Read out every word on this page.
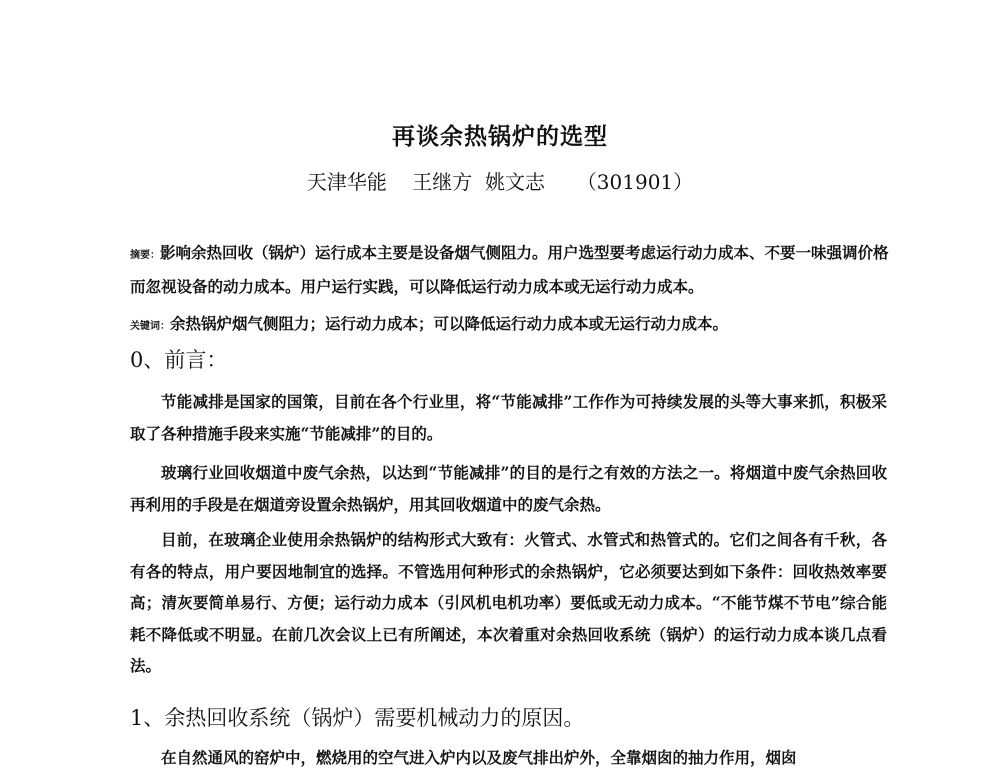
再谈余热锅炉的选型
天津华能    王继方  姚文志     （301901）
摘要：影响余热回收（锅炉）运行成本主要是设备烟气侧阻力。用户选型要考虑运行动力成本、不要一味强调价格而忽视设备的动力成本。用户运行实践，可以降低运行动力成本或无运行动力成本。
关键词：余热锅炉烟气侧阻力；运行动力成本；可以降低运行动力成本或无运行动力成本。
0、前言：

节能减排是国家的国策，目前在各个行业里，将“节能减排”工作作为可持续发展的头等大事来抓，积极采取了各种措施手段来实施“节能减排”的目的。

玻璃行业回收烟道中废气余热，以达到“节能减排”的目的是行之有效的方法之一。将烟道中废气余热回收再利用的手段是在烟道旁设置余热锅炉，用其回收烟道中的废气余热。

目前，在玻璃企业使用余热锅炉的结构形式大致有：火管式、水管式和热管式的。它们之间各有千秋，各有各的特点，用户要因地制宜的选择。不管选用何种形式的余热锅炉，它必须要达到如下条件：回收热效率要高；清灰要简单易行、方便；运行动力成本（引风机电机功率）要低或无动力成本。“不能节煤不节电”综合能耗不降低或不明显。在前几次会议上已有所阐述，本次着重对余热回收系统（锅炉）的运行动力成本谈几点看法。

1、余热回收系统（锅炉）需要机械动力的原因。

在自然通风的窑炉中，燃烧用的空气进入炉内以及废气排出炉外，全靠烟囱的抽力作用，烟囱
